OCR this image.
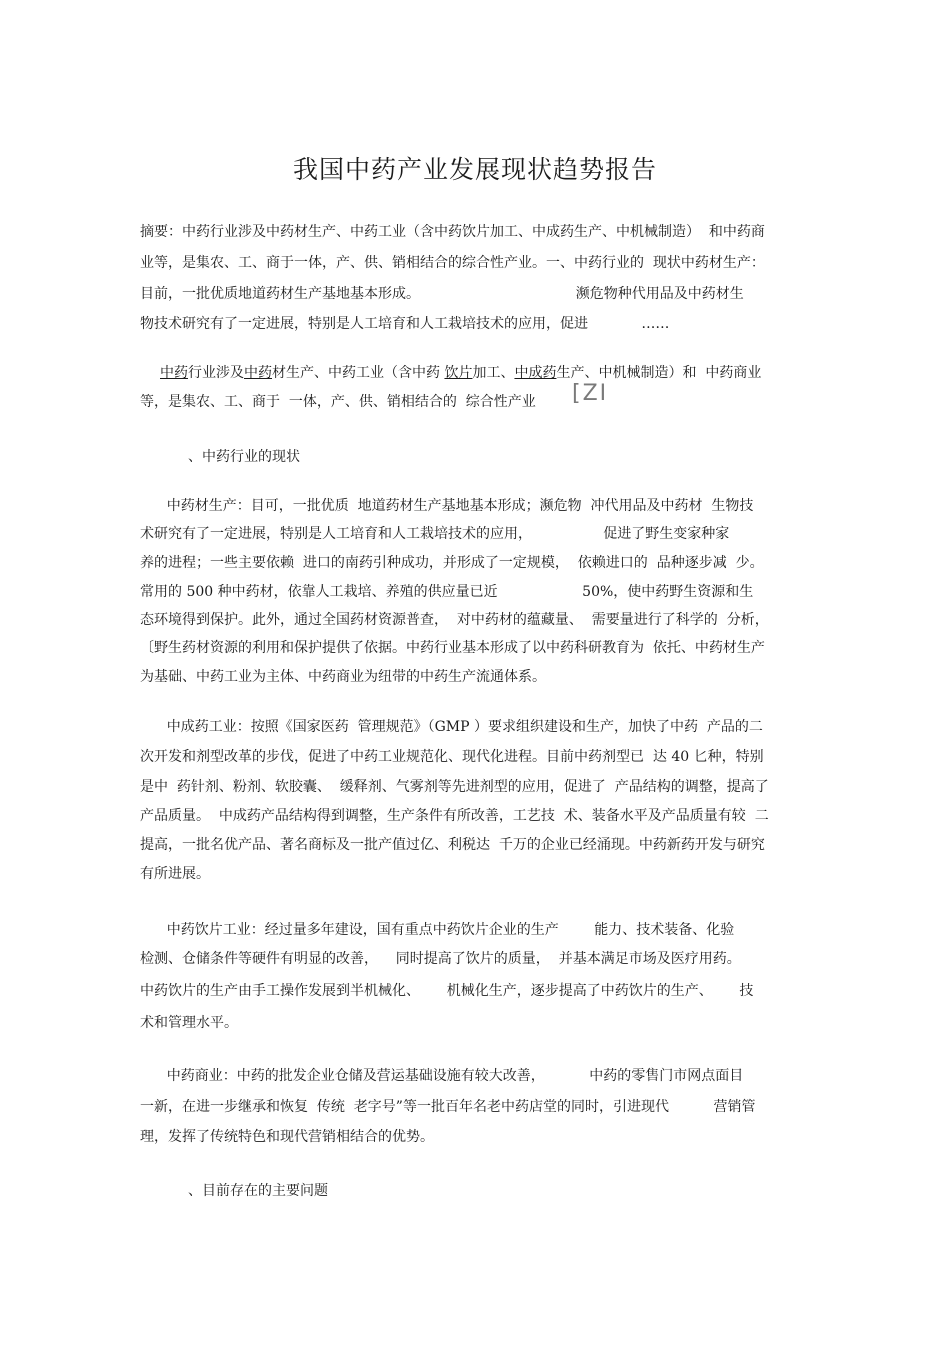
我国中药产业发展现状趋势报告
摘要：中药行业涉及中药材生产、中药工业（含中药饮片加工、中成药生产、中机械制造）  和中药商
业等，是集农、工、商于一体，产、供、销相结合的综合性产业。一、中药行业的  现状中药材生产：
目前，一批优质地道药材生产基地基本形成。                                   濒危物种代用品及中药材生
物技术研究有了一定进展，特别是人工培育和人工栽培技术的应用，促进            ……
中药行业涉及中药材生产、中药工业（含中药 饮片加工、中成药生产、中机械制造）和  中药商业
等，是集农、工、商于  一体，产、供、销相结合的  综合性产业	[ZI
、中药行业的现状
中药材生产：目可，一批优质  地道药材生产基地基本形成；濒危物  冲代用品及中药材  生物技
术研究有了一定进展，特别是人工培育和人工栽培技术的应用，                促进了野生变家种家
养的进程；一些主要依赖  进口的南药引种成功，并形成了一定规模，  依赖进口的  品种逐步减  少。
常用的 500 种中药材，依靠人工栽培、养殖的供应量已近                   50%，使中药野生资源和生
态环境得到保护。此外，通过全国药材资源普查，  对中药材的蕴藏量、  需要量进行了科学的  分析，
〔野生药材资源的利用和保护提供了依据。中药行业基本形成了以中药科研教育为  依托、中药材生产
为基础、中药工业为主体、中药商业为纽带的中药生产流通体系。
中成药工业：按照《国家医药  管理规范》（GMP ）要求组织建设和生产，加快了中药  产品的二
次开发和剂型改革的步伐，促进了中药工业规范化、现代化进程。目前中药剂型已  达 40 匕种，特别
是中  药针剂、粉剂、软胶囊、  缓释剂、气雾剂等先进剂型的应用，促进了  产品结构的调整，提高了
产品质量。  中成药产品结构得到调整，生产条件有所改善，工艺技  术、装备水平及产品质量有较  二
提高，一批名优产品、著名商标及一批产值过亿、利税达  千万的企业已经涌现。中药新药开发与研究
有所进展。
中药饮片工业：经过量多年建设，国有重点中药饮片企业的生产        能力、技术装备、化验
检测、仓储条件等硬件有明显的改善，    同时提高了饮片的质量，  并基本满足市场及医疗用药。
中药饮片的生产由手工操作发展到半机械化、      机械化生产，逐步提高了中药饮片的生产、      技
术和管理水平。
中药商业：中药的批发企业仓储及营运基础设施有较大改善，          中药的零售门市网点面目
一新，在进一步继承和恢复  传统  老字号”等一批百年名老中药店堂的同时，引进现代          营销管
理，发挥了传统特色和现代营销相结合的优势。
、目前存在的主要问题
